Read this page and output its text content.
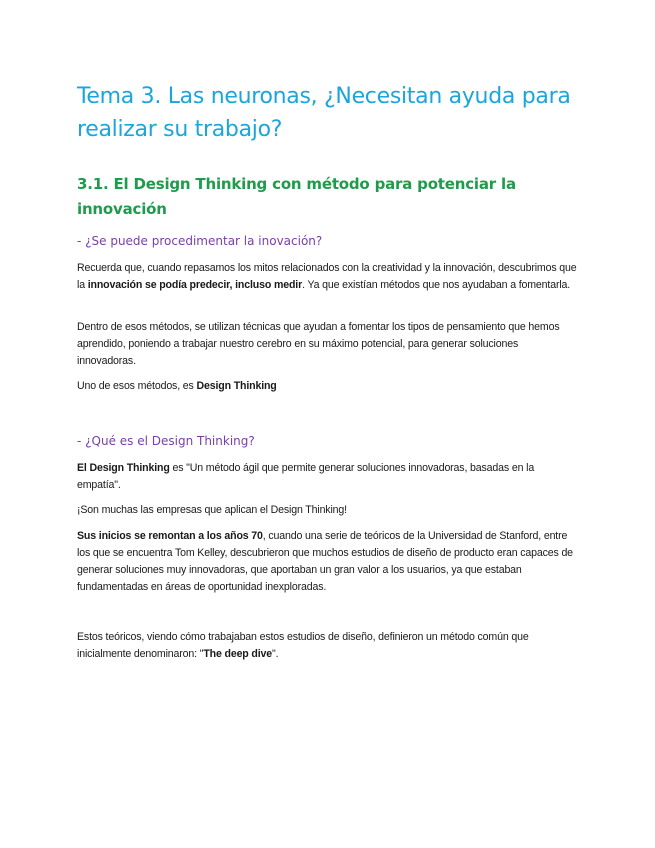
Tema 3. Las neuronas, ¿Necesitan ayuda para realizar su trabajo?
3.1. El Design Thinking con método para potenciar la innovación
- ¿Se puede procedimentar la inovación?

Recuerda que, cuando repasamos los mitos relacionados con la creatividad y la innovación, descubrimos que la innovación se podía predecir, incluso medir. Ya que existían métodos que nos ayudaban a fomentarla.

Dentro de esos métodos, se utilizan técnicas que ayudan a fomentar los tipos de pensamiento que hemos aprendido, poniendo a trabajar nuestro cerebro en su máximo potencial, para generar soluciones innovadoras.

Uno de esos métodos, es Design Thinking

- ¿Qué es el Design Thinking?

El Design Thinking es "Un método ágil que permite generar soluciones innovadoras, basadas en la empatía".

¡Son muchas las empresas que aplican el Design Thinking!

Sus inicios se remontan a los años 70, cuando una serie de teóricos de la Universidad de Stanford, entre los que se encuentra Tom Kelley, descubrieron que muchos estudios de diseño de producto eran capaces de generar soluciones muy innovadoras, que aportaban un gran valor a los usuarios, ya que estaban fundamentadas en áreas de oportunidad inexploradas.

Estos teóricos, viendo cómo trabajaban estos estudios de diseño, definieron un método común que inicialmente denominaron: "The deep dive".
